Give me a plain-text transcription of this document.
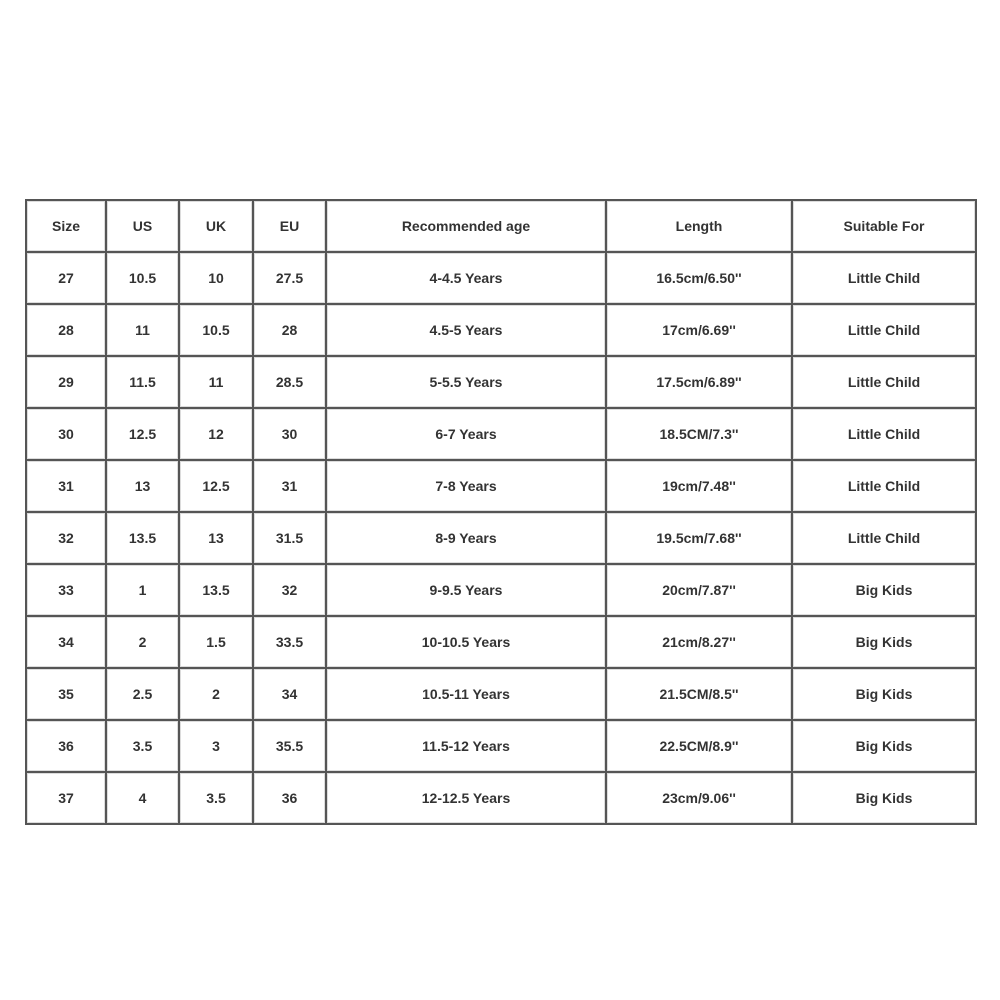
Size	US	UK	EU	Recommended age	Length	Suitable For
27	10.5	10	27.5	4-4.5 Years	16.5cm/6.50''	Little Child
28	11	10.5	28	4.5-5 Years	17cm/6.69''	Little Child
29	11.5	11	28.5	5-5.5 Years	17.5cm/6.89''	Little Child
30	12.5	12	30	6-7 Years	18.5CM/7.3''	Little Child
31	13	12.5	31	7-8 Years	19cm/7.48''	Little Child
32	13.5	13	31.5	8-9 Years	19.5cm/7.68''	Little Child
33	1	13.5	32	9-9.5 Years	20cm/7.87''	Big Kids
34	2	1.5	33.5	10-10.5 Years	21cm/8.27''	Big Kids
35	2.5	2	34	10.5-11 Years	21.5CM/8.5''	Big Kids
36	3.5	3	35.5	11.5-12 Years	22.5CM/8.9''	Big Kids
37	4	3.5	36	12-12.5 Years	23cm/9.06''	Big Kids
